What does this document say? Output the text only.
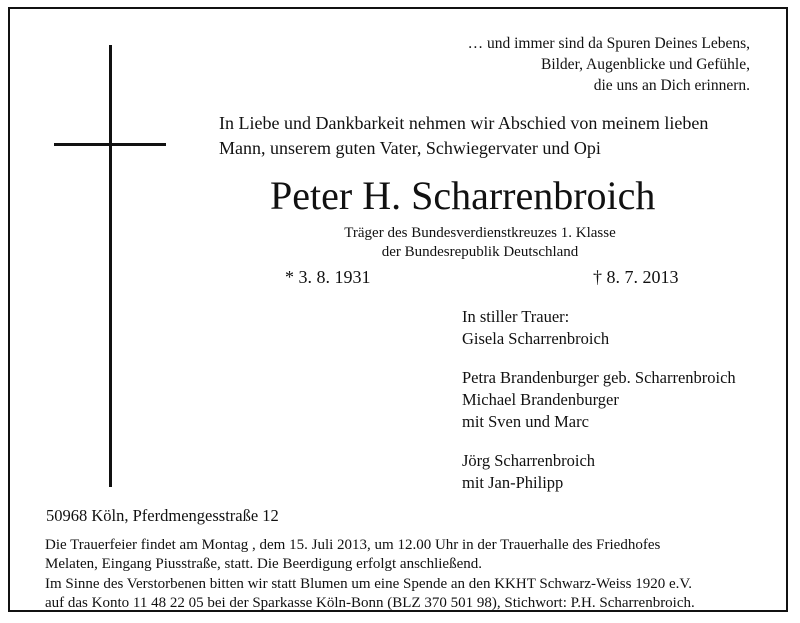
… und immer sind da Spuren Deines Lebens,
Bilder, Augenblicke und Gefühle,
die uns an Dich erinnern.
In Liebe und Dankbarkeit nehmen wir Abschied von meinem lieben
Mann, unserem guten Vater, Schwiegervater und Opi
Peter H. Scharrenbroich
Träger des Bundesverdienstkreuzes 1. Klasse
der Bundesrepublik Deutschland
* 3. 8. 1931	† 8. 7. 2013
In stiller Trauer:
Gisela Scharrenbroich
Petra Brandenburger geb. Scharrenbroich
Michael Brandenburger
mit Sven und Marc
Jörg Scharrenbroich
mit Jan-Philipp
50968 Köln, Pferdmengesstraße 12
Die Trauerfeier findet am Montag , dem 15. Juli 2013, um 12.00 Uhr in der Trauerhalle des Friedhofes
Melaten, Eingang Piusstraße, statt. Die Beerdigung erfolgt anschließend.
Im Sinne des Verstorbenen bitten wir statt Blumen um eine Spende an den KKHT Schwarz-Weiss 1920 e.V.
auf das Konto 11 48 22 05 bei der Sparkasse Köln-Bonn (BLZ 370 501 98), Stichwort: P.H. Scharrenbroich.
